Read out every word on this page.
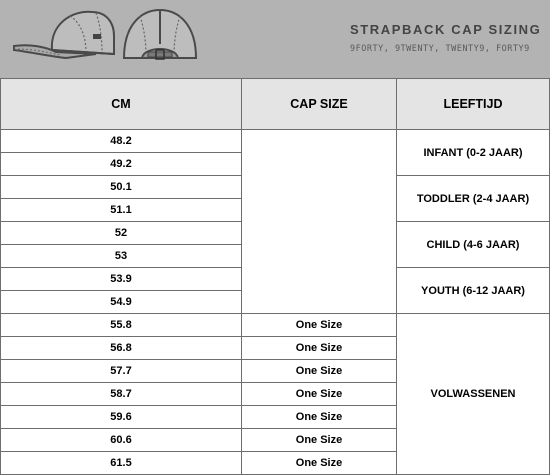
STRAPBACK CAP SIZING
9FORTY, 9TWENTY, TWENTY9, FORTY9
CM	CAP SIZE	LEEFTIJD
48.2		INFANT (0-2 JAAR)
49.2		
50.1		TODDLER (2-4 JAAR)
51.1		
52		CHILD (4-6 JAAR)
53		
53.9		YOUTH (6-12 JAAR)
54.9		
55.8	One Size	VOLWASSENEN
56.8	One Size	
57.7	One Size	
58.7	One Size	
59.6	One Size	
60.6	One Size	
61.5	One Size	
